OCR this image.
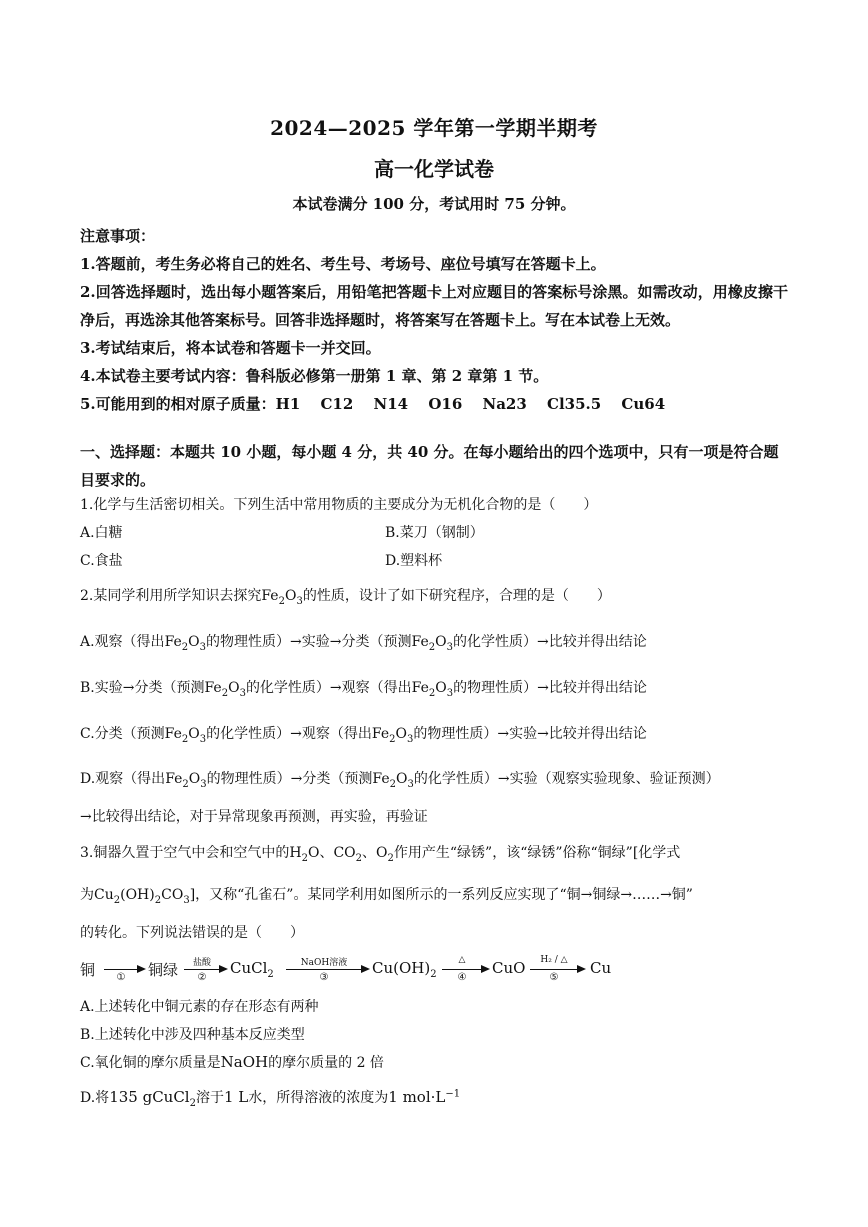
2024—2025 学年第一学期半期考
高一化学试卷
本试卷满分 100 分，考试用时 75 分钟。
注意事项：
1.答题前，考生务必将自己的姓名、考生号、考场号、座位号填写在答题卡上。
2.回答选择题时，选出每小题答案后，用铅笔把答题卡上对应题目的答案标号涂黑。如需改动，用橡皮擦干净后，再选涂其他答案标号。回答非选择题时，将答案写在答题卡上。写在本试卷上无效。
3.考试结束后，将本试卷和答题卡一并交回。
4.本试卷主要考试内容：鲁科版必修第一册第 1 章、第 2 章第 1 节。
5.可能用到的相对原子质量：H1　 C12　 N14　 O16　 Na23　 Cl35.5　 Cu64
一、选择题：本题共 10 小题，每小题 4 分，共 40 分。在每小题给出的四个选项中，只有一项是符合题目要求的。
1.化学与生活密切相关。下列生活中常用物质的主要成分为无机化合物的是（　　）
A.白糖	B.菜刀（钢制）
C.食盐	D.塑料杯
2.某同学利用所学知识去探究$Fe_2O_3$的性质，设计了如下研究程序，合理的是（　　）
A.观察（得出$Fe_2O_3$的物理性质）→实验→分类（预测$Fe_2O_3$的化学性质）→比较并得出结论
B.实验→分类（预测$Fe_2O_3$的化学性质）→观察（得出$Fe_2O_3$的物理性质）→比较并得出结论
C.分类（预测$Fe_2O_3$的化学性质）→观察（得出$Fe_2O_3$的物理性质）→实验→比较并得出结论
D.观察（得出$Fe_2O_3$的物理性质）→分类（预测$Fe_2O_3$的化学性质）→实验（观察实验现象、验证预测）
→比较得出结论，对于异常现象再预测，再实验，再验证
3.铜器久置于空气中会和空气中的$H_2O$、$CO_2$、$O_2$作用产生“绿锈”，该“绿锈”俗称“铜绿”[化学式
为$Cu_2(OH)_2CO_3$]，又称“孔雀石”。某同学利用如图所示的一系列反应实现了“铜→铜绿→……→铜”
的转化。下列说法错误的是（　　）
铜	①	铜绿	盐酸
②
CuCl$_2$
NaOH溶液
③
$Cu(OH)_2$
△
④
CuO	H₂ / △
⑤
Cu
A.上述转化中铜元素的存在形态有两种
B.上述转化中涉及四种基本反应类型
C.氧化铜的摩尔质量是NaOH的摩尔质量的 2 倍
D.将135 gCuCl$_2$溶于1 L水，所得溶液的浓度为1 $mol\cdot L^{-1}$
